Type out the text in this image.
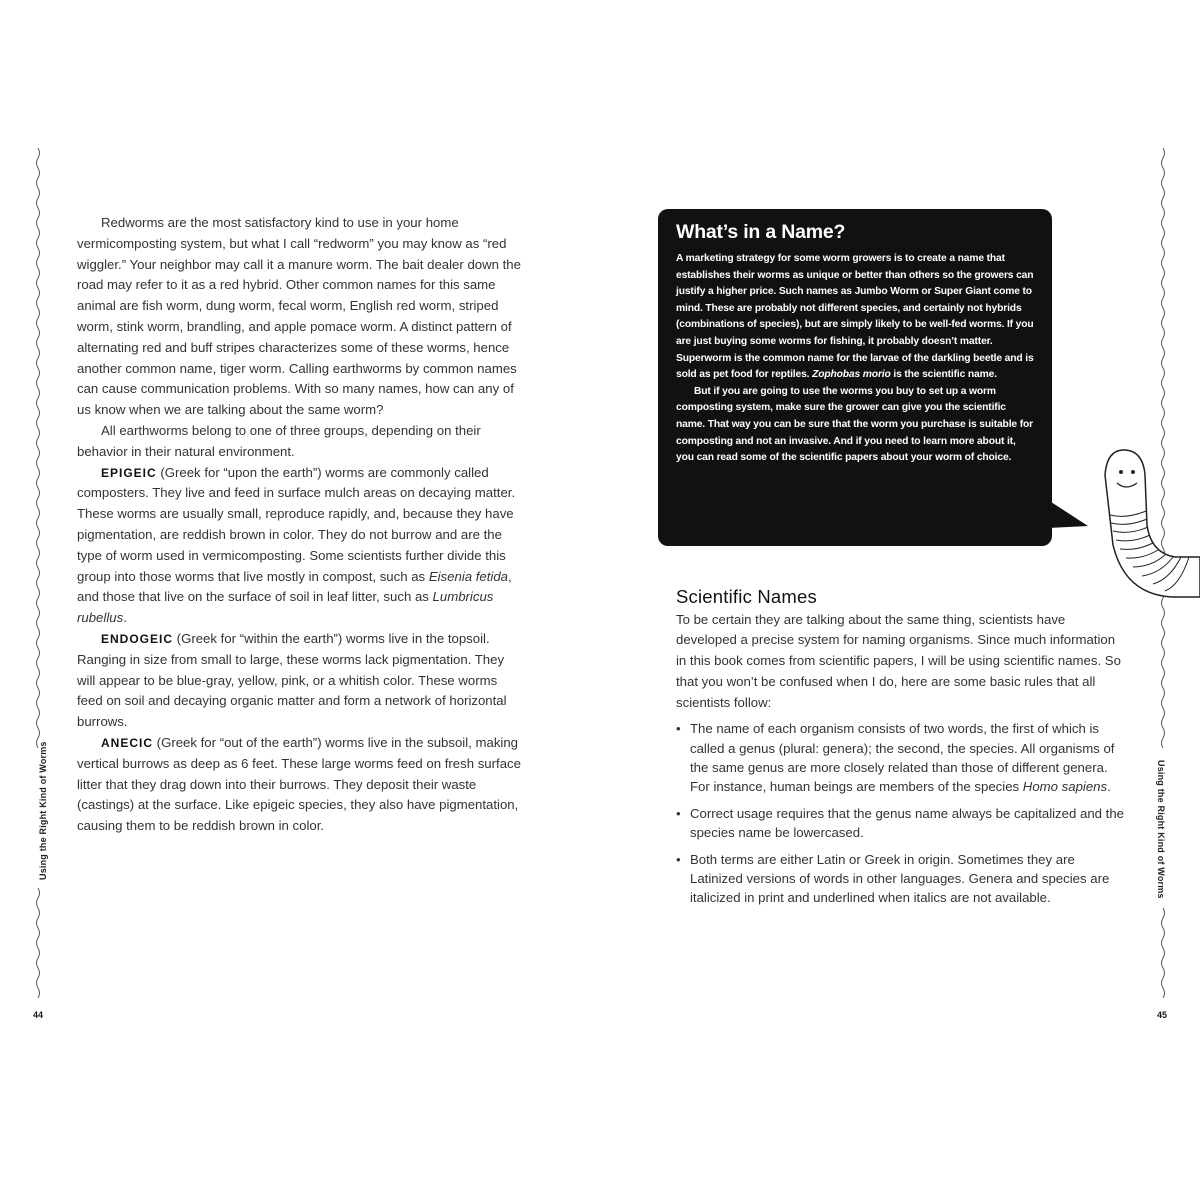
Using the Right Kind of Worms
44
Using the Right Kind of Worms
45

Redworms are the most satisfactory kind to use in your home vermicomposting system, but what I call “redworm” you may know as “red wiggler.” Your neighbor may call it a manure worm. The bait dealer down the road may refer to it as a red hybrid. Other common names for this same animal are fish worm, dung worm, fecal worm, English red worm, striped worm, stink worm, brandling, and apple pomace worm. A distinct pattern of alternating red and buff stripes characterizes some of these worms, hence another common name, tiger worm. Calling earthworms by common names can cause communication problems. With so many names, how can any of us know when we are talking about the same worm?

All earthworms belong to one of three groups, depending on their behavior in their natural environment.

EPIGEIC (Greek for “upon the earth”) worms are commonly called composters. They live and feed in surface mulch areas on decaying matter. These worms are usually small, reproduce rapidly, and, because they have pigmentation, are reddish brown in color. They do not burrow and are the type of worm used in vermicomposting. Some scientists further divide this group into those worms that live mostly in compost, such as Eisenia fetida, and those that live on the surface of soil in leaf litter, such as Lumbricus rubellus.

ENDOGEIC (Greek for “within the earth”) worms live in the topsoil. Ranging in size from small to large, these worms lack pigmentation. They will appear to be blue-gray, yellow, pink, or a whitish color. These worms feed on soil and decaying organic matter and form a network of horizontal burrows.

ANECIC (Greek for “out of the earth”) worms live in the subsoil, making vertical burrows as deep as 6 feet. These large worms feed on fresh surface litter that they drag down into their burrows. They deposit their waste (castings) at the surface. Like epigeic species, they also have pigmentation, causing them to be reddish brown in color.

What’s in a Name?

A marketing strategy for some worm growers is to create a name that establishes their worms as unique or better than others so the growers can justify a higher price. Such names as Jumbo Worm or Super Giant come to mind. These are probably not different species, and certainly not hybrids (combinations of species), but are simply likely to be well-fed worms. If you are just buying some worms for fishing, it probably doesn’t matter. Superworm is the common name for the larvae of the darkling beetle and is sold as pet food for reptiles. Zophobas morio is the scientific name.

But if you are going to use the worms you buy to set up a worm composting system, make sure the grower can give you the scientific name. That way you can be sure that the worm you purchase is suitable for composting and not an invasive. And if you need to learn more about it, you can read some of the scientific papers about your worm of choice.

Scientific Names

To be certain they are talking about the same thing, scientists have developed a precise system for naming organisms. Since much information in this book comes from scientific papers, I will be using scientific names. So that you won’t be confused when I do, here are some basic rules that all scientists follow:

• The name of each organism consists of two words, the first of which is called a genus (plural: genera); the second, the species. All organisms of the same genus are more closely related than those of different genera. For instance, human beings are members of the species Homo sapiens.
• Correct usage requires that the genus name always be capitalized and the species name be lowercased.
• Both terms are either Latin or Greek in origin. Sometimes they are Latinized versions of words in other languages. Genera and species are italicized in print and underlined when italics are not available.
